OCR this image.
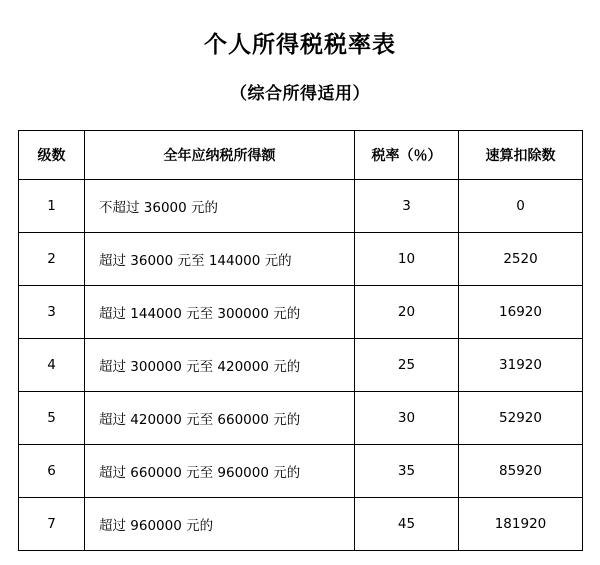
个人所得税税率表
（综合所得适用）
级数	全年应纳税所得额	税率（％）	速算扣除数
1	不超过 36000 元的	3	0
2	超过 36000 元至 144000 元的	10	2520
3	超过 144000 元至 300000 元的	20	16920
4	超过 300000 元至 420000 元的	25	31920
5	超过 420000 元至 660000 元的	30	52920
6	超过 660000 元至 960000 元的	35	85920
7	超过 960000 元的	45	181920
